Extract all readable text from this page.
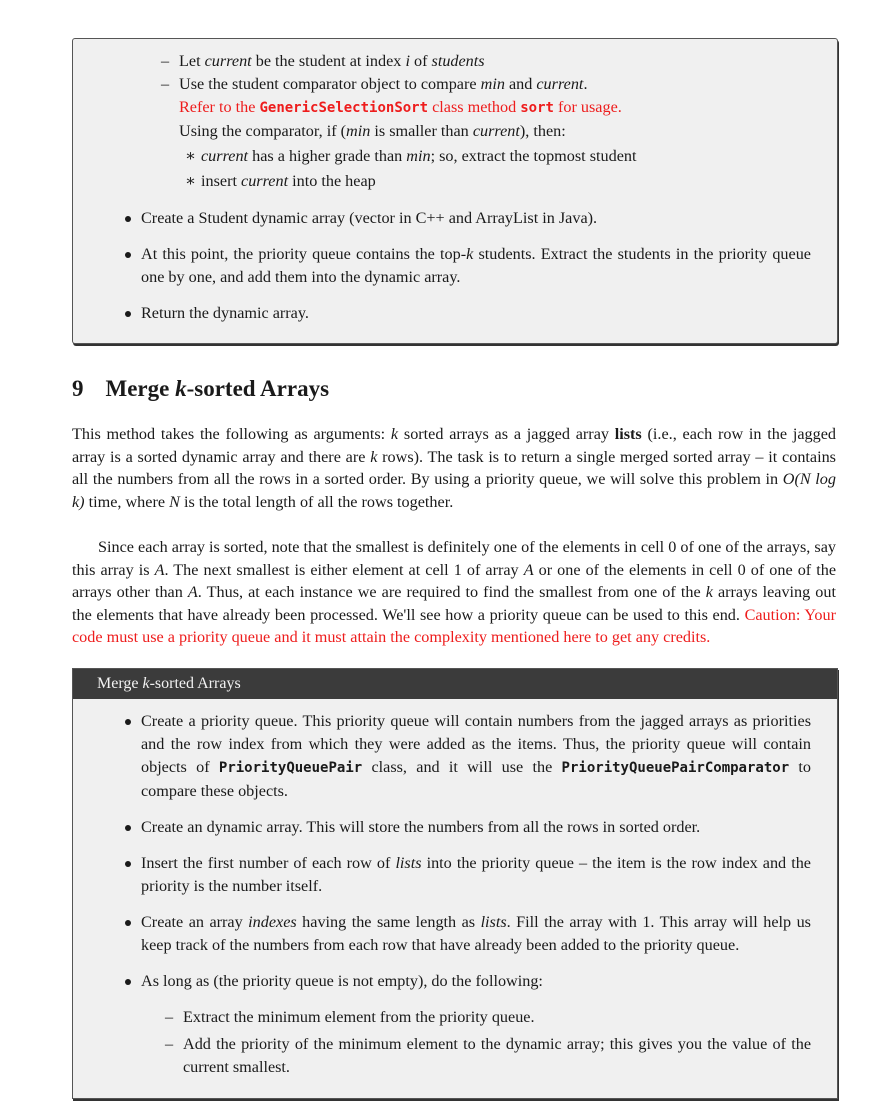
– Let current be the student at index i of students

– Use the student comparator object to compare min and current.

Refer to the GenericSelectionSort class method sort for usage.

Using the comparator, if (min is smaller than current), then:

∗ current has a higher grade than min; so, extract the topmost student

∗ insert current into the heap

Create a Student dynamic array (vector in C++ and ArrayList in Java).

At this point, the priority queue contains the top-k students. Extract the students in the priority queue one by one, and add them into the dynamic array.

Return the dynamic array.

9 Merge k-sorted Arrays
This method takes the following as arguments: k sorted arrays as a jagged array lists (i.e., each row in the jagged array is a sorted dynamic array and there are k rows). The task is to return a single merged sorted array – it contains all the numbers from all the rows in a sorted order. By using a priority queue, we will solve this problem in O(N log k) time, where N is the total length of all the rows together.
Since each array is sorted, note that the smallest is definitely one of the elements in cell 0 of one of the arrays, say this array is A. The next smallest is either element at cell 1 of array A or one of the elements in cell 0 of one of the arrays other than A. Thus, at each instance we are required to find the smallest from one of the k arrays leaving out the elements that have already been processed. We'll see how a priority queue can be used to this end. Caution: Your code must use a priority queue and it must attain the complexity mentioned here to get any credits.
Merge k-sorted Arrays

Create a priority queue. This priority queue will contain numbers from the jagged arrays as priorities and the row index from which they were added as the items. Thus, the priority queue will contain objects of PriorityQueuePair class, and it will use the PriorityQueuePairComparator to compare these objects.

Create an dynamic array. This will store the numbers from all the rows in sorted order.

Insert the first number of each row of lists into the priority queue – the item is the row index and the priority is the number itself.

Create an array indexes having the same length as lists. Fill the array with 1. This array will help us keep track of the numbers from each row that have already been added to the priority queue.

As long as (the priority queue is not empty), do the following:

– Extract the minimum element from the priority queue.

– Add the priority of the minimum element to the dynamic array; this gives you the value of the current smallest.
